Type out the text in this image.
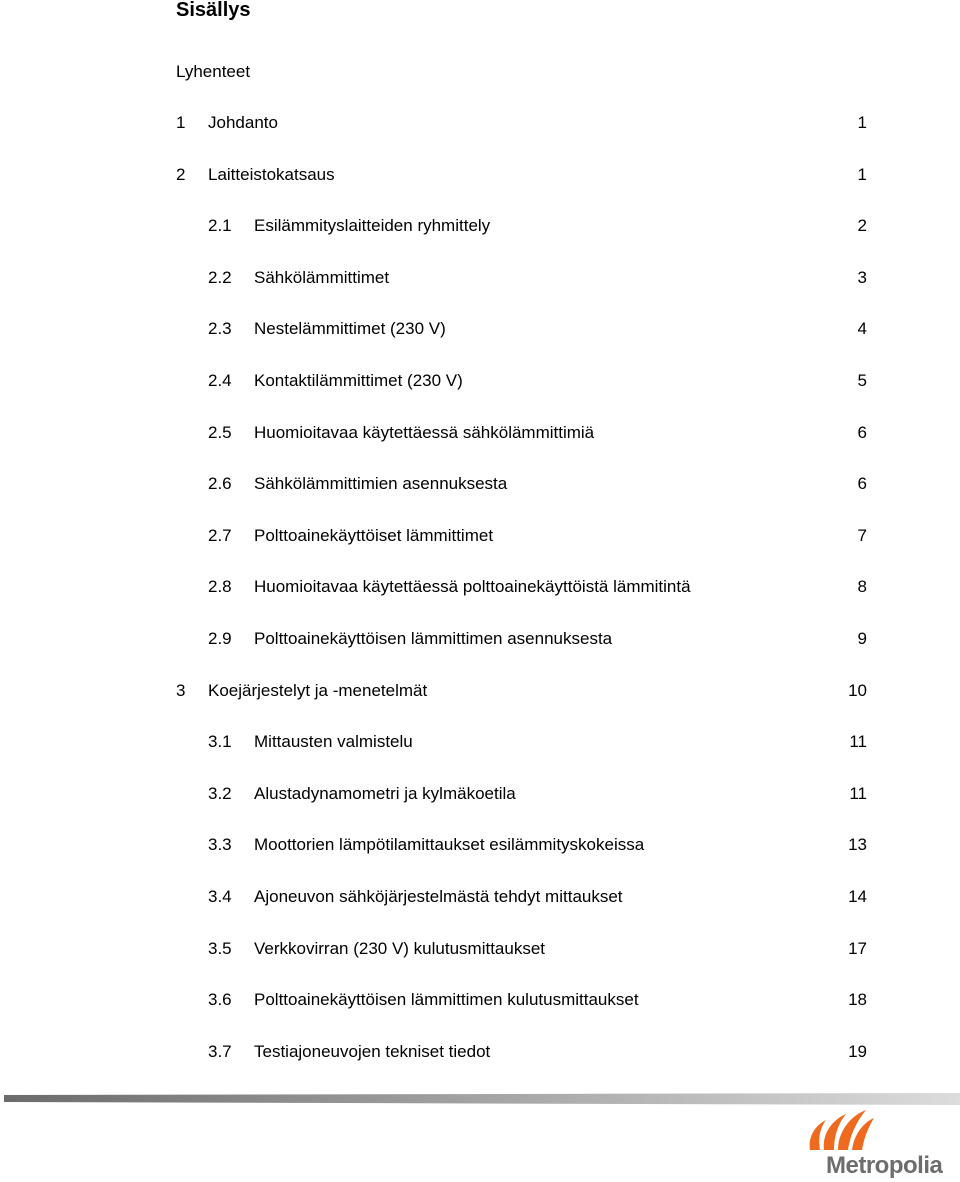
Sisällys
Lyhenteet
1 Johdanto	1
2 Laitteistokatsaus	1
2.1 Esilämmityslaitteiden ryhmittely	2
2.2 Sähkölämmittimet	3
2.3 Nestelämmittimet (230 V)	4
2.4 Kontaktilämmittimet (230 V)	5
2.5 Huomioitavaa käytettäessä sähkölämmittimiä	6
2.6 Sähkölämmittimien asennuksesta	6
2.7 Polttoainekäyttöiset lämmittimet	7
2.8 Huomioitavaa käytettäessä polttoainekäyttöistä lämmitintä	8
2.9 Polttoainekäyttöisen lämmittimen asennuksesta	9
3 Koejärjestelyt ja -menetelmät	10
3.1 Mittausten valmistelu	11
3.2 Alustadynamometri ja kylmäkoetila	11
3.3 Moottorien lämpötilamittaukset esilämmityskokeissa	13
3.4 Ajoneuvon sähköjärjestelmästä tehdyt mittaukset	14
3.5 Verkkovirran (230 V) kulutusmittaukset	17
3.6 Polttoainekäyttöisen lämmittimen kulutusmittaukset	18
3.7 Testiajoneuvojen tekniset tiedot	19
Metropolia
